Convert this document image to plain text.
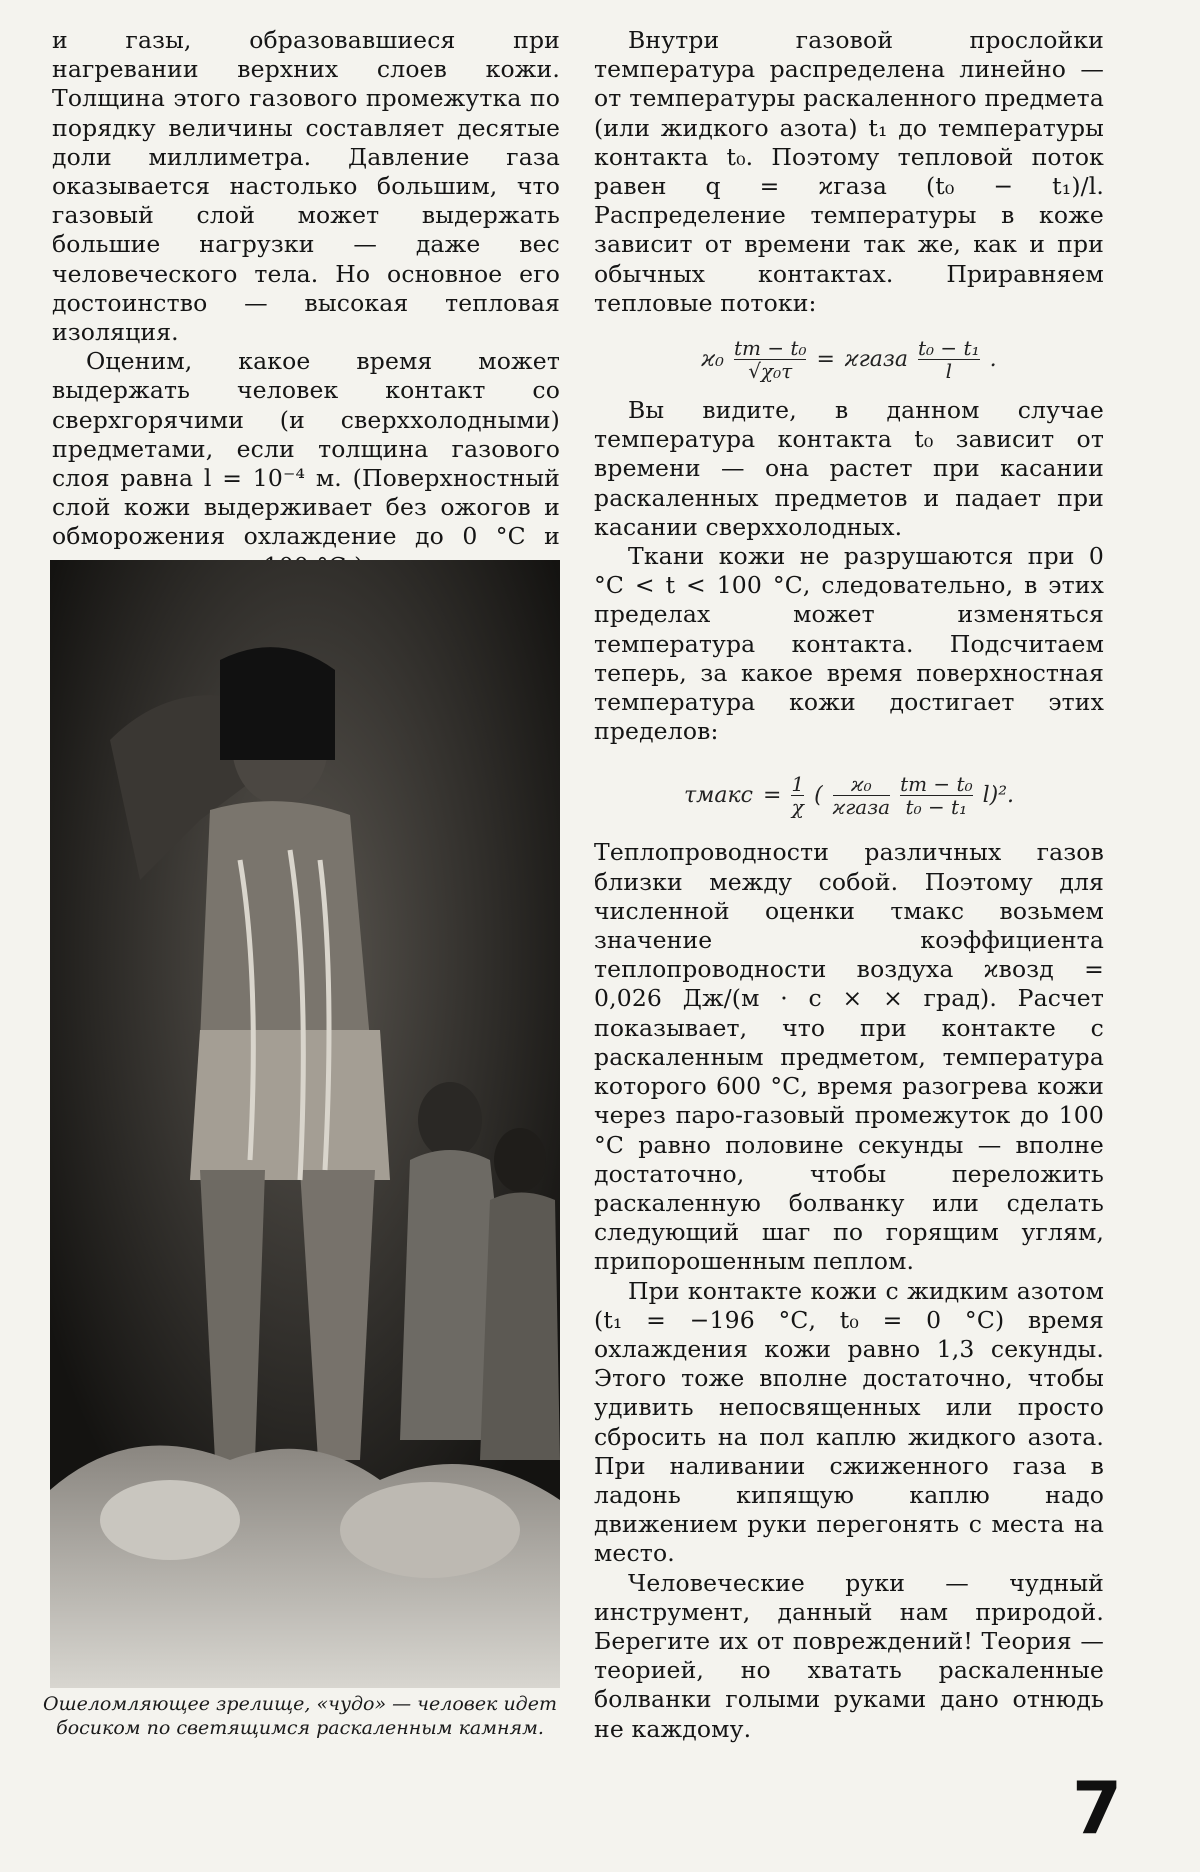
и газы, образовавшиеся при нагревании верхних слоев кожи. Толщина этого газового промежутка по порядку величины составляет десятые доли миллиметра. Давление газа оказывается настолько большим, что газовый слой может выдержать большие нагрузки — даже вес человеческого тела. Но основное его достоинство — высокая тепловая изоляция.

Оценим, какое время может выдержать человек контакт со сверхгорячими (и сверххолодными) предметами, если толщина газового слоя равна l = 10⁻⁴ м. (Поверхностный слой кожи выдерживает без ожогов и обморожения охлаждение до 0 °С и

Ошеломляющее зрелище, «чудо» — человек идет босиком по светящимся раскаленным камням.

Внутри газовой прослойки температура распределена линейно — от температуры раскаленного предмета (или жидкого азота) t₁ до температуры контакта t₀. Поэтому тепловой поток равен q = ϰгаза (t₀ − t₁)/l. Распределение температуры в коже зависит от времени так же, как и при обычных контактах. Приравняем тепловые потоки:

$ϰ_0 \frac{\text{tт − t₀}}{\text{√χ₀τ}}$ = ϰгаза $\frac{\text{t₀ − t₁}}{l}$ .

Вы видите, в данном случае температура контакта t₀ зависит от времени — она растет при касании раскаленных предметов и падает при касании сверххолодных.

Ткани кожи не разрушаются при 0 °С < t < 100 °С, следовательно, в этих пределах может изменяться температура контакта. Подсчитаем теперь, за какое время поверхностная температура кожи достигает этих пределов:

τмакс = $\frac{1}{\chi}$ ( $\frac{\text{ϰ₀}}{\text{ϰгаза}} \frac{\text{tт − t₀}}{\text{t₀ − t₁}} l)^2$.

Теплопроводности различных газов близки между собой. Поэтому для численной оценки τмакс возьмем значение коэффициента теплопроводности воздуха ϰвозд = 0,026 Дж/(м · с × × град). Расчет показывает, что при контакте с раскаленным предметом, температура которого 600 °С, время разогрева кожи через паро-газовый промежуток до 100 °С равно половине секунды — вполне достаточно, чтобы переложить раскаленную болванку или сделать следующий шаг по горящим углям, припорошенным пеплом.

При контакте кожи с жидким азотом (t₁ = −196 °С, t₀ = 0 °С) время охлаждения кожи равно 1,3 секунды. Этого тоже вполне достаточно, чтобы удивить непосвященных или просто сбросить на пол каплю жидкого азота. При наливании сжиженного газа в ладонь кипящую каплю надо движением руки перегонять с места на место.

Человеческие руки — чудный инструмент, данный нам природой. Берегите их от повреждений! Теория — теорией, но хватать раскаленные болванки голыми руками дано отнюдь не каждому.

7
